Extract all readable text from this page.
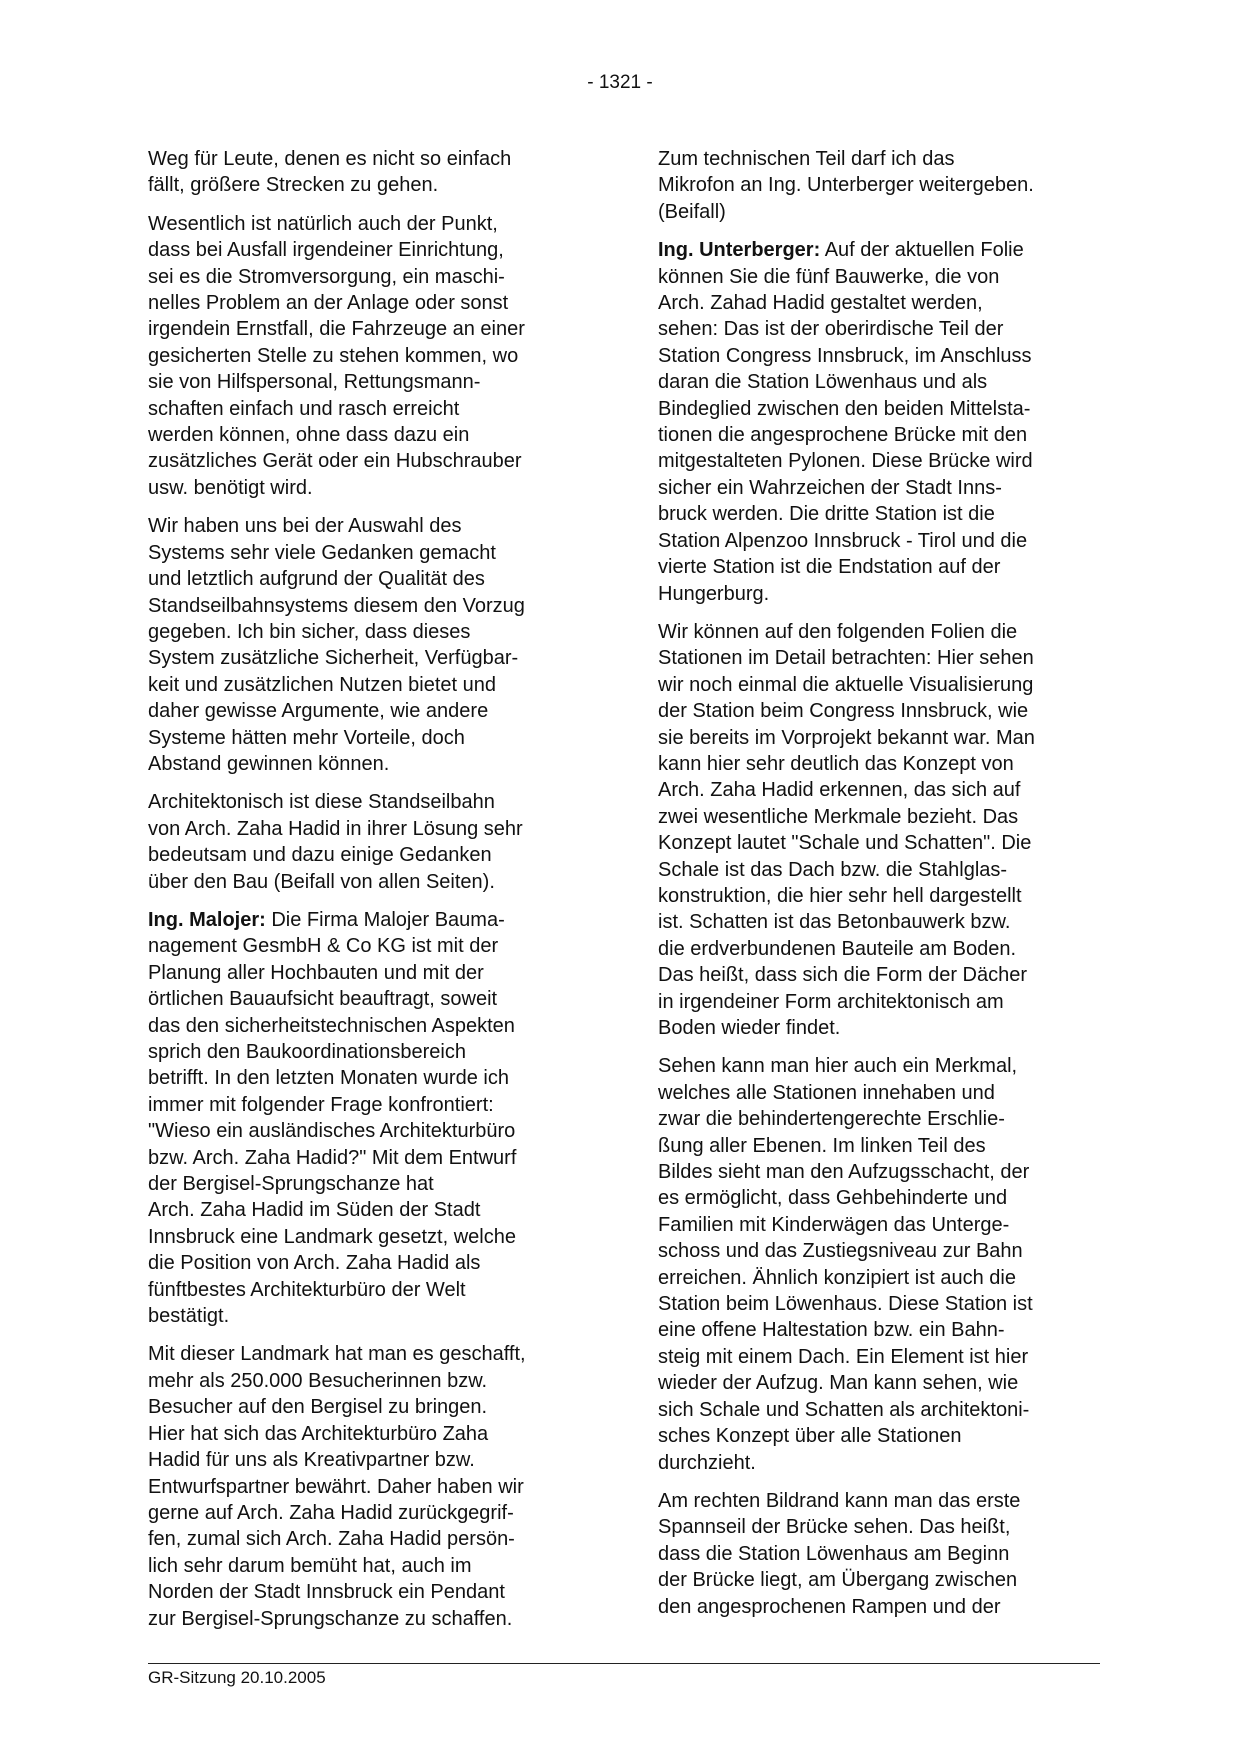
- 1321 -

Weg für Leute, denen es nicht so einfach
fällt, größere Strecken zu gehen.

Wesentlich ist natürlich auch der Punkt,
dass bei Ausfall irgendeiner Einrichtung,
sei es die Stromversorgung, ein maschi-
nelles Problem an der Anlage oder sonst
irgendein Ernstfall, die Fahrzeuge an einer
gesicherten Stelle zu stehen kommen, wo
sie von Hilfspersonal, Rettungsmann-
schaften einfach und rasch erreicht
werden können, ohne dass dazu ein
zusätzliches Gerät oder ein Hubschrauber
usw. benötigt wird.

Wir haben uns bei der Auswahl des
Systems sehr viele Gedanken gemacht
und letztlich aufgrund der Qualität des
Standseilbahnsystems diesem den Vorzug
gegeben. Ich bin sicher, dass dieses
System zusätzliche Sicherheit, Verfügbar-
keit und zusätzlichen Nutzen bietet und
daher gewisse Argumente, wie andere
Systeme hätten mehr Vorteile, doch
Abstand gewinnen können.

Architektonisch ist diese Standseilbahn
von Arch. Zaha Hadid in ihrer Lösung sehr
bedeutsam und dazu einige Gedanken
über den Bau (Beifall von allen Seiten).

Ing. Malojer: Die Firma Malojer Bauma-
nagement GesmbH & Co KG ist mit der
Planung aller Hochbauten und mit der
örtlichen Bauaufsicht beauftragt, soweit
das den sicherheitstechnischen Aspekten
sprich den Baukoordinationsbereich
betrifft. In den letzten Monaten wurde ich
immer mit folgender Frage konfrontiert:
"Wieso ein ausländisches Architekturbüro
bzw. Arch. Zaha Hadid?" Mit dem Entwurf
der Bergisel-Sprungschanze hat
Arch. Zaha Hadid im Süden der Stadt
Innsbruck eine Landmark gesetzt, welche
die Position von Arch. Zaha Hadid als
fünftbestes Architekturbüro der Welt
bestätigt.

Mit dieser Landmark hat man es geschafft,
mehr als 250.000 Besucherinnen bzw.
Besucher auf den Bergisel zu bringen.
Hier hat sich das Architekturbüro Zaha
Hadid für uns als Kreativpartner bzw.
Entwurfspartner bewährt. Daher haben wir
gerne auf Arch. Zaha Hadid zurückgegrif-
fen, zumal sich Arch. Zaha Hadid persön-
lich sehr darum bemüht hat, auch im
Norden der Stadt Innsbruck ein Pendant
zur Bergisel-Sprungschanze zu schaffen.

Zum technischen Teil darf ich das
Mikrofon an Ing. Unterberger weitergeben.
(Beifall)

Ing. Unterberger: Auf der aktuellen Folie
können Sie die fünf Bauwerke, die von
Arch. Zahad Hadid gestaltet werden,
sehen: Das ist der oberirdische Teil der
Station Congress Innsbruck, im Anschluss
daran die Station Löwenhaus und als
Bindeglied zwischen den beiden Mittelsta-
tionen die angesprochene Brücke mit den
mitgestalteten Pylonen. Diese Brücke wird
sicher ein Wahrzeichen der Stadt Inns-
bruck werden. Die dritte Station ist die
Station Alpenzoo Innsbruck - Tirol und die
vierte Station ist die Endstation auf der
Hungerburg.

Wir können auf den folgenden Folien die
Stationen im Detail betrachten: Hier sehen
wir noch einmal die aktuelle Visualisierung
der Station beim Congress Innsbruck, wie
sie bereits im Vorprojekt bekannt war. Man
kann hier sehr deutlich das Konzept von
Arch. Zaha Hadid erkennen, das sich auf
zwei wesentliche Merkmale bezieht. Das
Konzept lautet "Schale und Schatten". Die
Schale ist das Dach bzw. die Stahlglas-
konstruktion, die hier sehr hell dargestellt
ist. Schatten ist das Betonbauwerk bzw.
die erdverbundenen Bauteile am Boden.
Das heißt, dass sich die Form der Dächer
in irgendeiner Form architektonisch am
Boden wieder findet.

Sehen kann man hier auch ein Merkmal,
welches alle Stationen innehaben und
zwar die behindertengerechte Erschlie-
ßung aller Ebenen. Im linken Teil des
Bildes sieht man den Aufzugsschacht, der
es ermöglicht, dass Gehbehinderte und
Familien mit Kinderwägen das Unterge-
schoss und das Zustiegsniveau zur Bahn
erreichen. Ähnlich konzipiert ist auch die
Station beim Löwenhaus. Diese Station ist
eine offene Haltestation bzw. ein Bahn-
steig mit einem Dach. Ein Element ist hier
wieder der Aufzug. Man kann sehen, wie
sich Schale und Schatten als architektoni-
sches Konzept über alle Stationen
durchzieht.

Am rechten Bildrand kann man das erste
Spannseil der Brücke sehen. Das heißt,
dass die Station Löwenhaus am Beginn
der Brücke liegt, am Übergang zwischen
den angesprochenen Rampen und der

GR-Sitzung 20.10.2005
